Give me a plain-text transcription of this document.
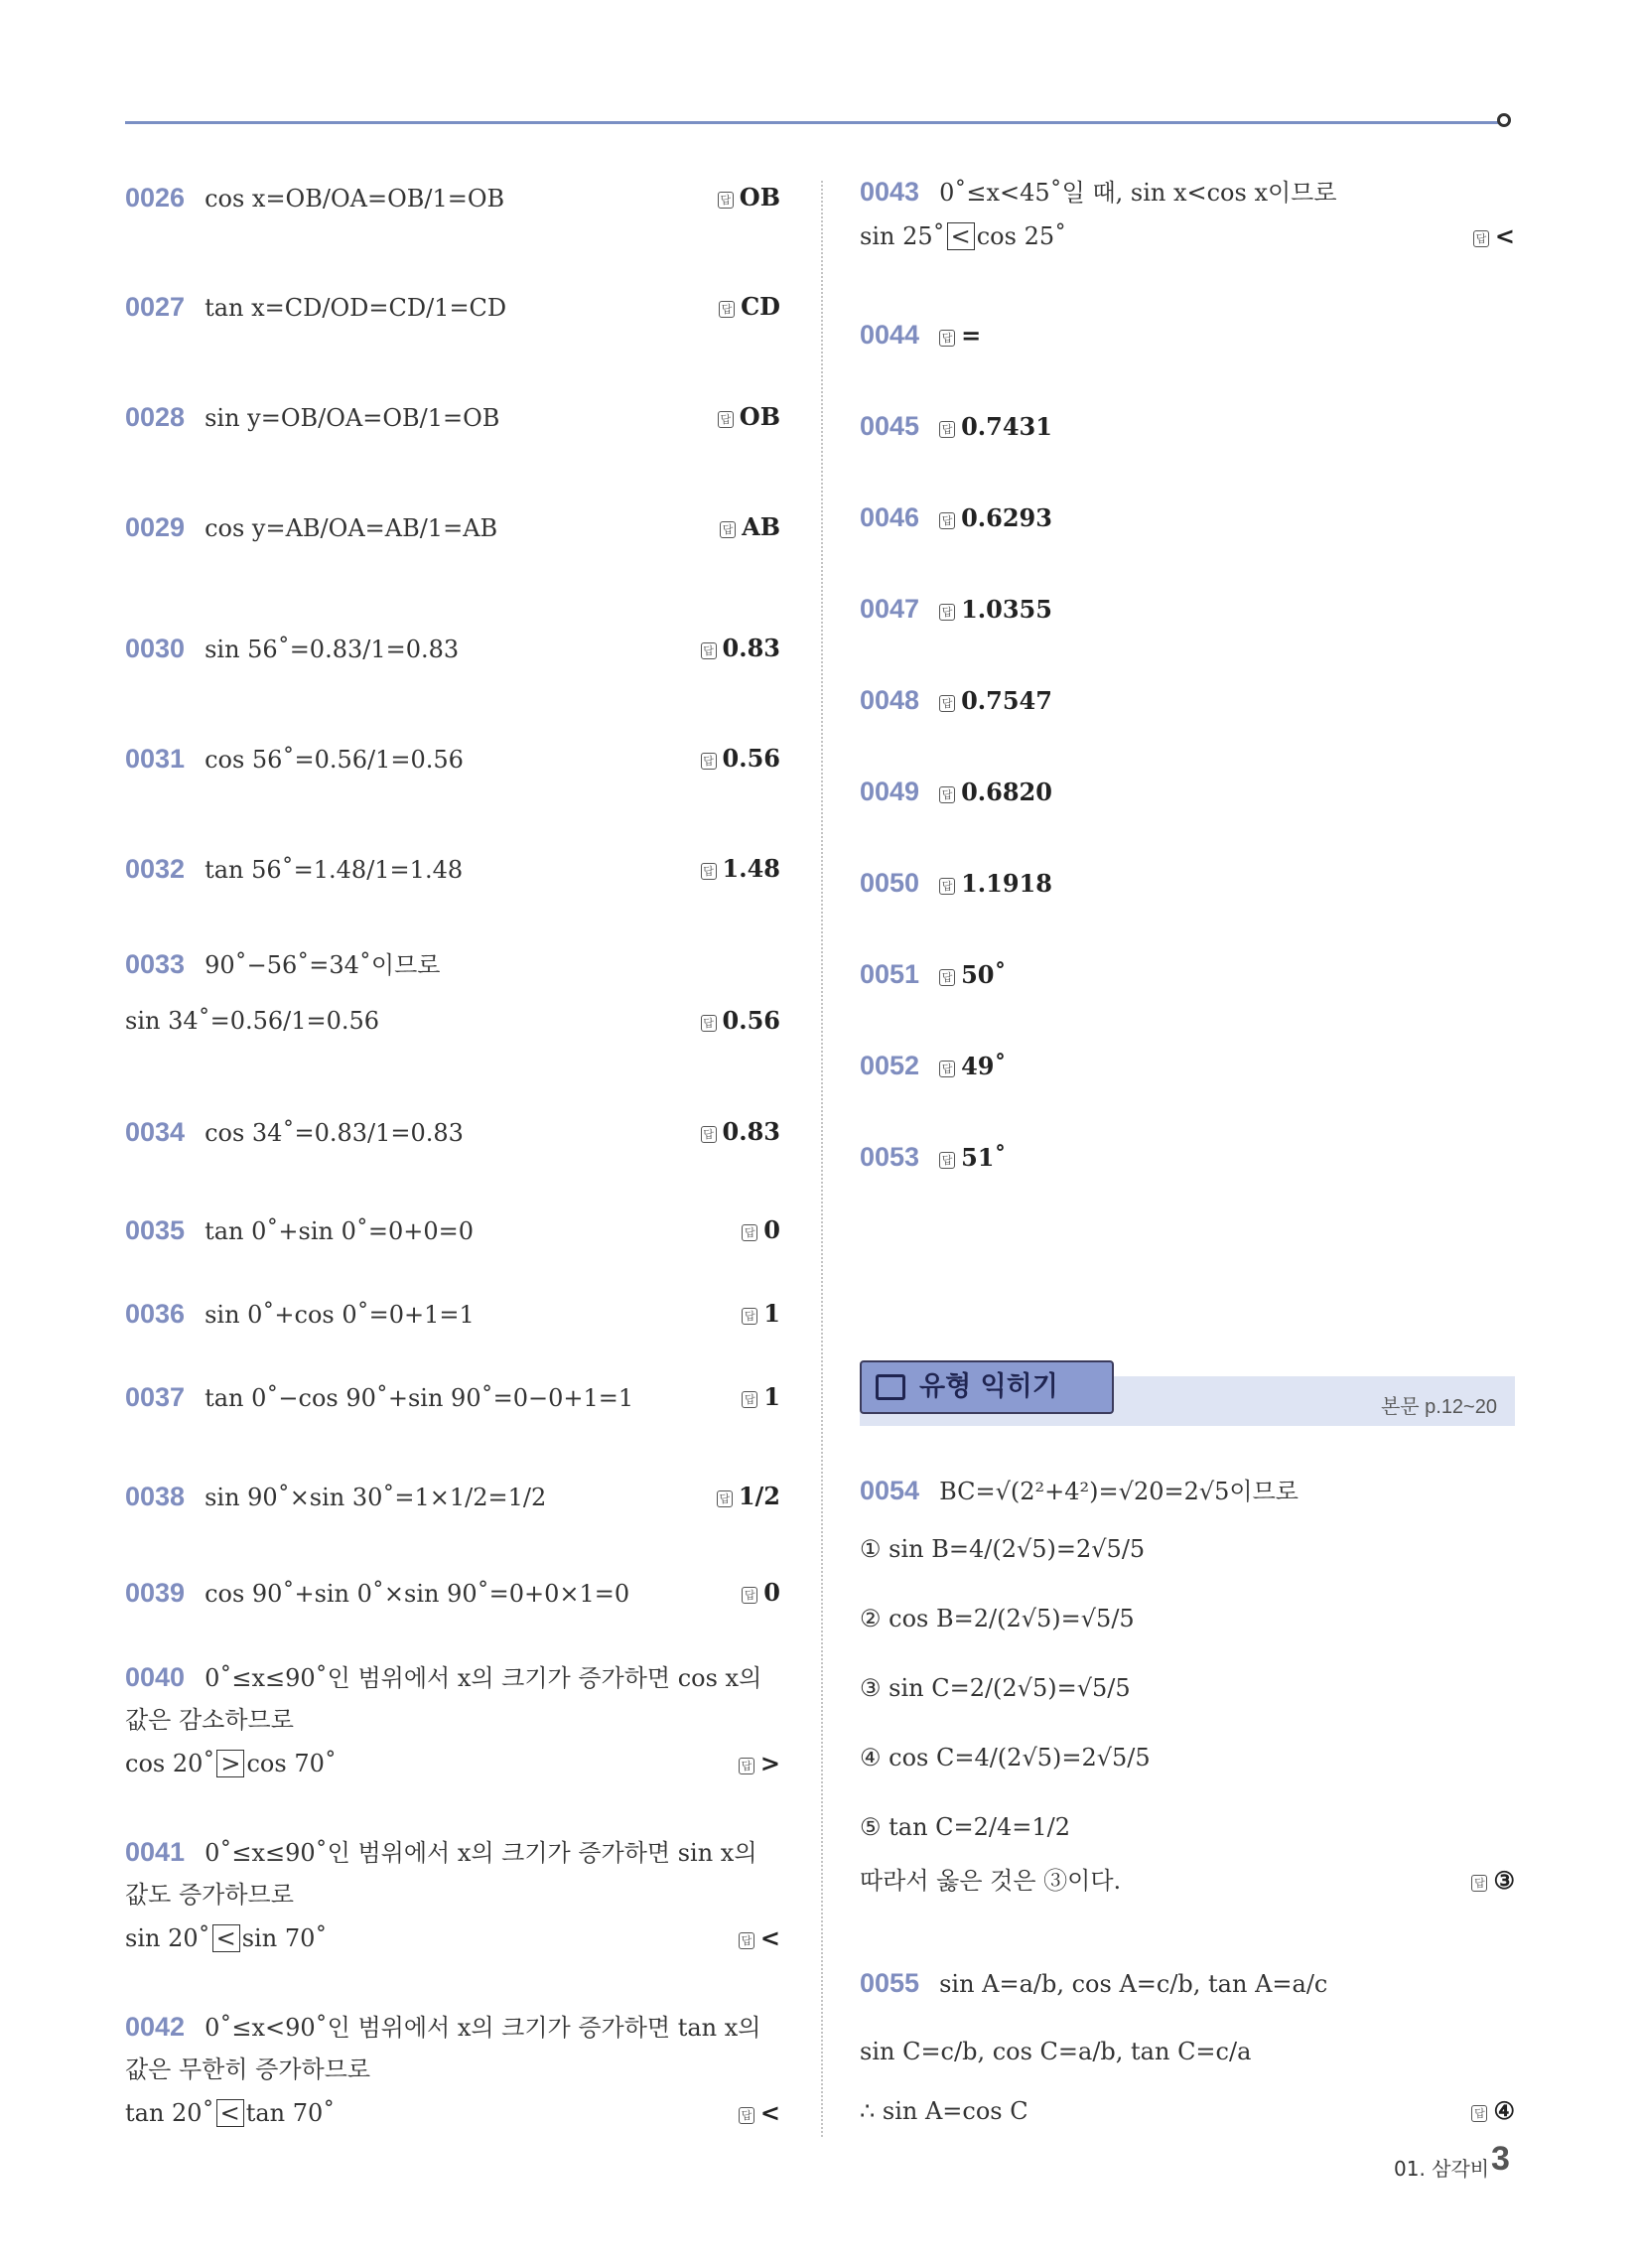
0026 cos x=OB/OA=OB/1=OB	답 OB
0027 tan x=CD/OD=CD/1=CD	답 CD
0028 sin y=OB/OA=OB/1=OB	답 OB
0029 cos y=AB/OA=AB/1=AB	답 AB
0030 sin 56˚=0.83/1=0.83	답 0.83
0031 cos 56˚=0.56/1=0.56	답 0.56
0032 tan 56˚=1.48/1=1.48	답 1.48
0033 90˚−56˚=34˚이므로
sin 34˚=0.56/1=0.56	답 0.56
0034 cos 34˚=0.83/1=0.83	답 0.83
0035 tan 0˚+sin 0˚=0+0=0	답 0
0036 sin 0˚+cos 0˚=0+1=1	답 1
0037 tan 0˚−cos 90˚+sin 90˚=0−0+1=1	답 1
0038 sin 90˚×sin 30˚=1×1/2=1/2	답 1/2
0039 cos 90˚+sin 0˚×sin 90˚=0+0×1=0	답 0
0040 0˚≤x≤90˚인 범위에서 x의 크기가 증가하면 cos x의
값은 감소하므로
cos 20˚ > cos 70˚	답 >
0041 0˚≤x≤90˚인 범위에서 x의 크기가 증가하면 sin x의
값도 증가하므로
sin 20˚ < sin 70˚	답 <
0042 0˚≤x<90˚인 범위에서 x의 크기가 증가하면 tan x의
값은 무한히 증가하므로
tan 20˚ < tan 70˚	답 <
0043 0˚≤x<45˚일 때, sin x<cos x이므로
sin 25˚ < cos 25˚	답 <
0044 답 =
0045 답 0.7431
0046 답 0.6293
0047 답 1.0355
0048 답 0.7547
0049 답 0.6820
0050 답 1.1918
0051 답 50˚
0052 답 49˚
0053 답 51˚
유형 익히기
본문 p.12~20
0054 BC=√(2²+4²)=√20=2√5이므로
① sin B=4/(2√5)=2√5/5
② cos B=2/(2√5)=√5/5
③ sin C=2/(2√5)=√5/5
④ cos C=4/(2√5)=2√5/5
⑤ tan C=2/4=1/2
따라서 옳은 것은 ③이다.	답 ③
0055 sin A=a/b, cos A=c/b, tan A=a/c
sin C=c/b, cos C=a/b, tan C=c/a
∴ sin A=cos C	답 ④
01. 삼각비 3
